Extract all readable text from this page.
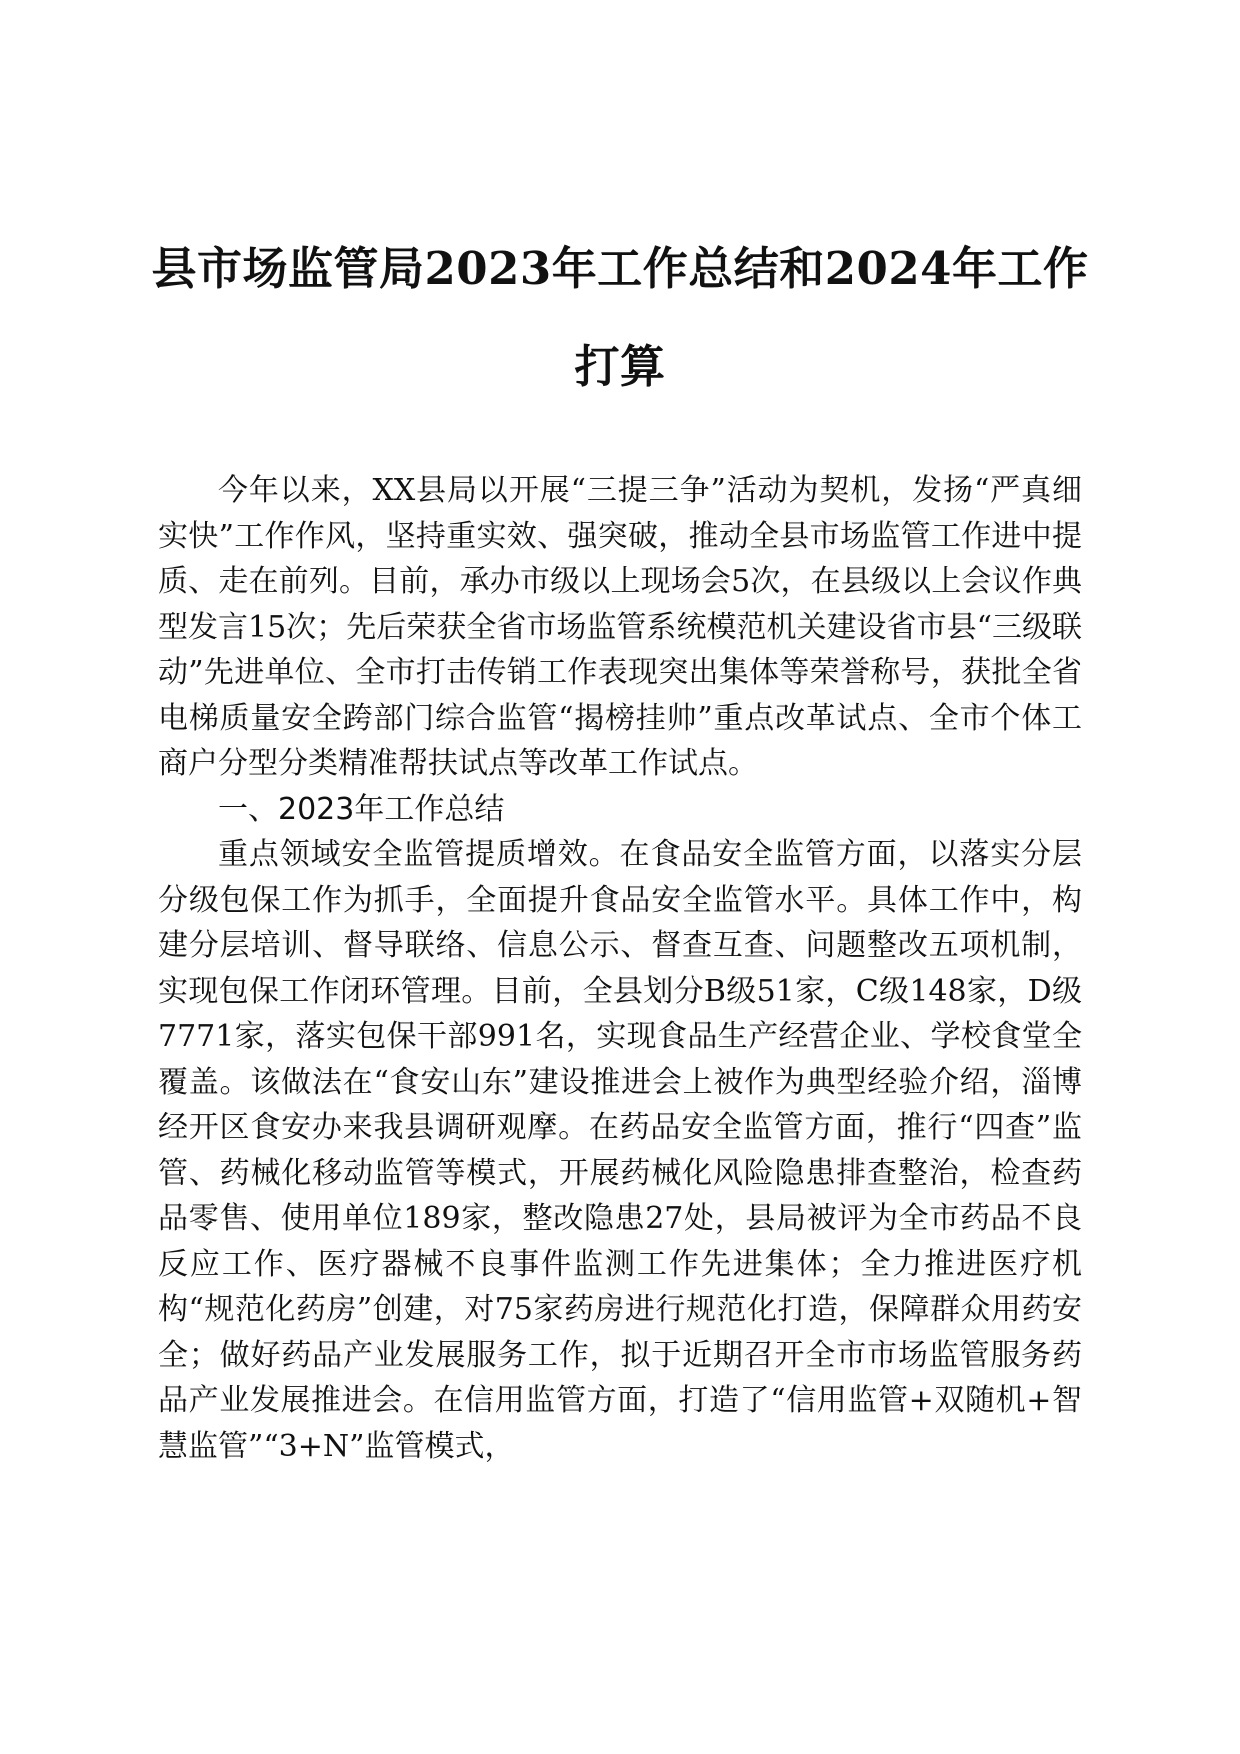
县市场监管局2023年工作总结和2024年工作
打算

今年以来，XX县局以开展“三提三争”活动为契机，发扬“严真细实快”工作作风，坚持重实效、强突破，推动全县市场监管工作进中提质、走在前列。目前，承办市级以上现场会5次，在县级以上会议作典型发言15次；先后荣获全省市场监管系统模范机关建设省市县“三级联动”先进单位、全市打击传销工作表现突出集体等荣誉称号，获批全省电梯质量安全跨部门综合监管“揭榜挂帅”重点改革试点、全市个体工商户分型分类精准帮扶试点等改革工作试点。

一、2023年工作总结

重点领域安全监管提质增效。在食品安全监管方面，以落实分层分级包保工作为抓手，全面提升食品安全监管水平。具体工作中，构建分层培训、督导联络、信息公示、督查互查、问题整改五项机制，实现包保工作闭环管理。目前，全县划分B级51家，C级148家，D级7771家，落实包保干部991名，实现食品生产经营企业、学校食堂全覆盖。该做法在“食安山东”建设推进会上被作为典型经验介绍，淄博经开区食安办来我县调研观摩。在药品安全监管方面，推行“四查”监管、药械化移动监管等模式，开展药械化风险隐患排查整治，检查药品零售、使用单位189家，整改隐患27处，县局被评为全市药品不良反应工作、医疗器械不良事件监测工作先进集体；全力推进医疗机构“规范化药房”创建，对75家药房进行规范化打造，保障群众用药安全；做好药品产业发展服务工作，拟于近期召开全市市场监管服务药品产业发展推进会。在信用监管方面，打造了“信用监管+双随机+智慧监管”“3+N”监管模式，
